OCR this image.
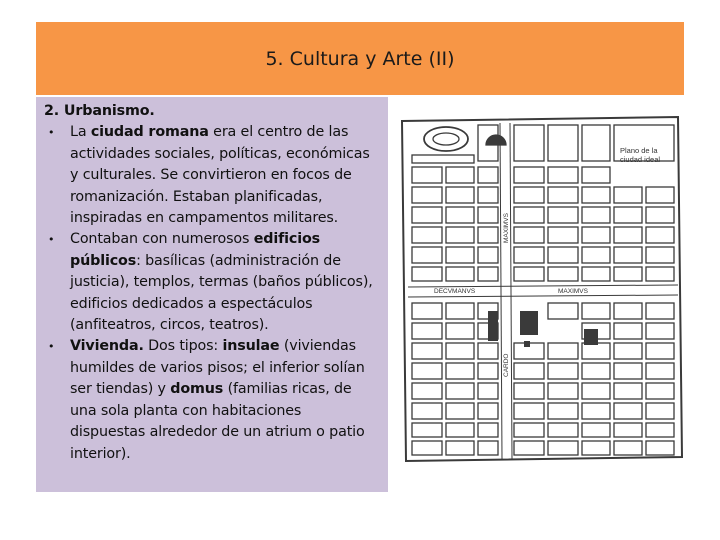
5. Cultura y Arte (II)

2. Urbanismo.

• La ciudad romana era el centro de las actividades sociales, políticas, económicas y culturales. Se convirtieron en focos de romanización. Estaban planificadas, inspiradas en campamentos militares.
• Contaban con numerosos edificios públicos: basílicas (administración de justicia), templos, termas (baños públicos), edificios dedicados a espectáculos (anfiteatros, circos, teatros).
• Vivienda. Dos tipos: insulae (viviendas humildes de varios pisos; el inferior solían ser tiendas) y domus (familias ricas, de una sola planta con habitaciones dispuestas alrededor de un atrium o patio interior).
Plano de la
ciudad ideal
DECVMANVS	MAXIMVS
MAXIMVS
CARDO
